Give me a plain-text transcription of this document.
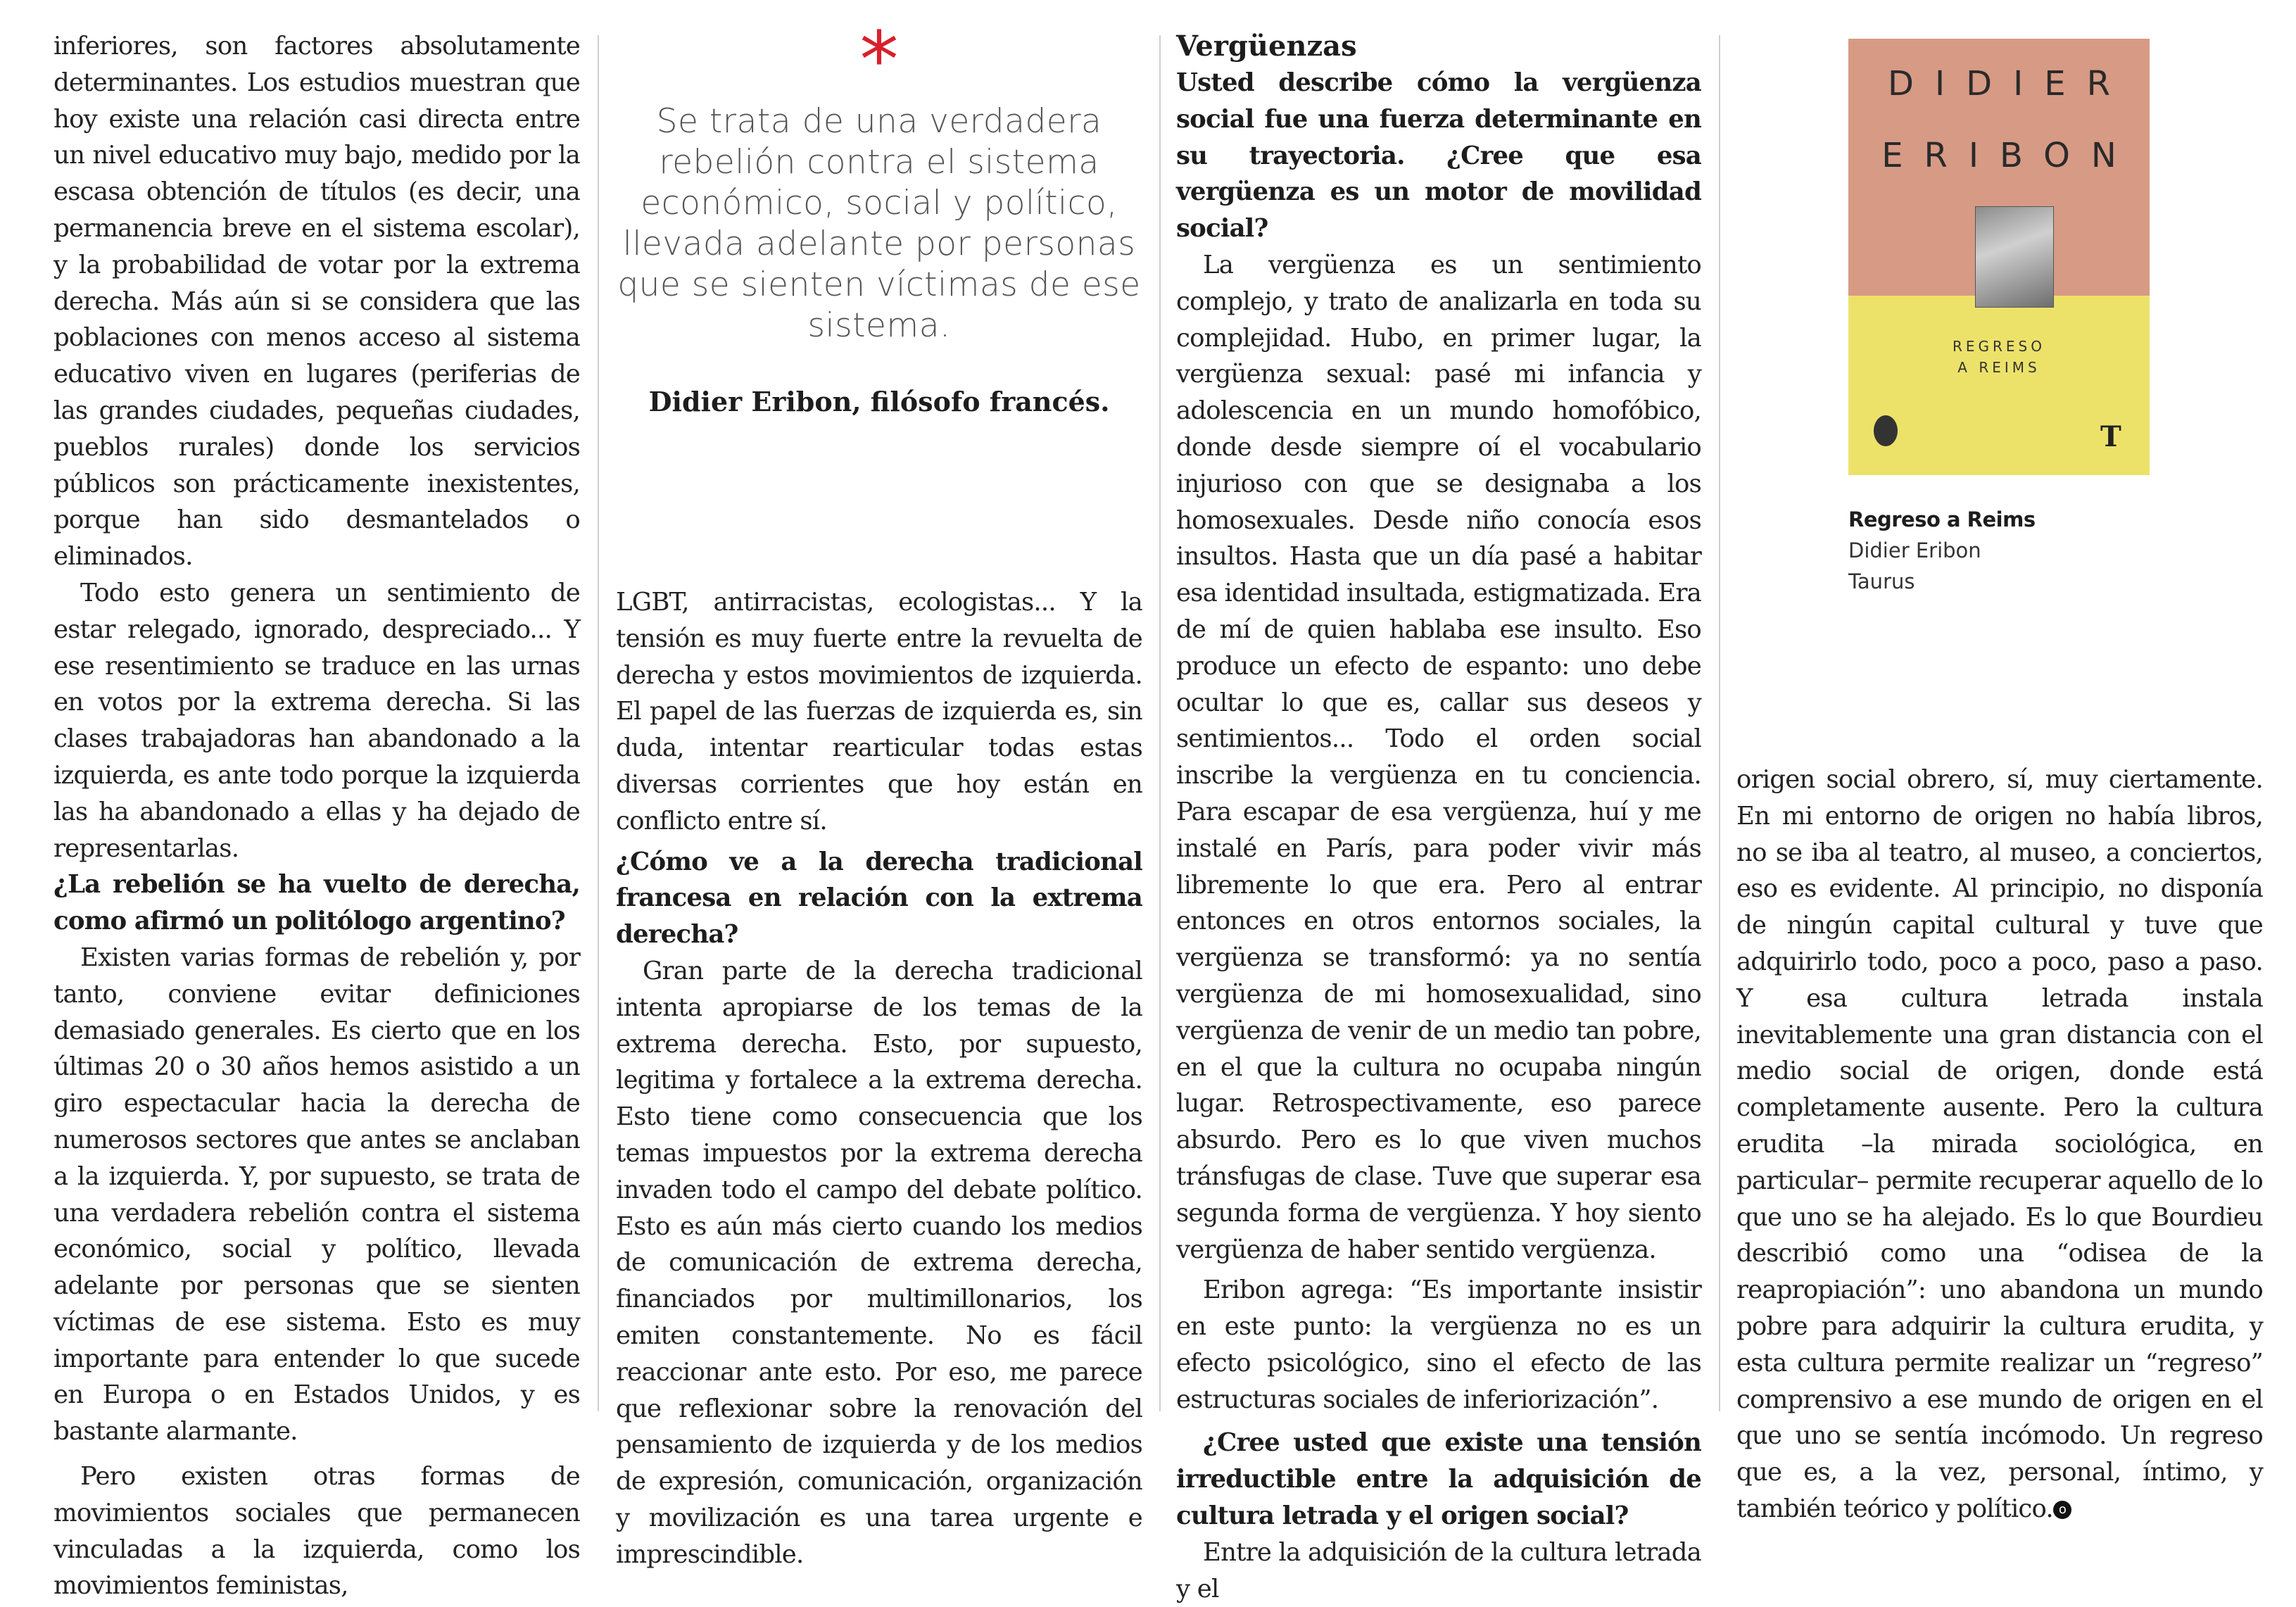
inferiores, son factores absolutamente determinantes. Los estudios muestran que hoy existe una relación casi directa entre un nivel educativo muy bajo, medido por la escasa obtención de títulos (es decir, una permanencia breve en el sistema escolar), y la probabilidad de votar por la extrema derecha. Más aún si se considera que las poblaciones con menos acceso al sistema educativo viven en lugares (periferias de las grandes ciudades, pequeñas ciudades, pueblos rurales) donde los servicios públicos son prácticamente inexistentes, porque han sido desmantelados o eliminados.

Todo esto genera un sentimiento de estar relegado, ignorado, despreciado... Y ese resentimiento se traduce en las urnas en votos por la extrema derecha. Si las clases trabajadoras han abandonado a la izquierda, es ante todo porque la izquierda las ha abandonado a ellas y ha dejado de representarlas.

¿La rebelión se ha vuelto de derecha, como afirmó un politólogo argentino?

Existen varias formas de rebelión y, por tanto, conviene evitar definiciones demasiado generales. Es cierto que en los últimas 20 o 30 años hemos asistido a un giro espectacular hacia la derecha de numerosos sectores que antes se anclaban a la izquierda. Y, por supuesto, se trata de una verdadera rebelión contra el sistema económico, social y político, llevada adelante por personas que se sienten víctimas de ese sistema. Esto es muy importante para entender lo que sucede en Europa o en Estados Unidos, y es bastante alarmante.

Pero existen otras formas de movimientos sociales que permanecen vinculadas a la izquierda, como los movimientos feministas,

*

Se trata de una verdadera rebelión contra el sistema económico, social y político, llevada adelante por personas que se sienten víctimas de ese sistema.

Didier Eribon, filósofo francés.

LGBT, antirracistas, ecologistas... Y la tensión es muy fuerte entre la revuelta de derecha y estos movimientos de izquierda. El papel de las fuerzas de izquierda es, sin duda, intentar rearticular todas estas diversas corrientes que hoy están en conflicto entre sí.

¿Cómo ve a la derecha tradicional francesa en relación con la extrema derecha?

Gran parte de la derecha tradicional intenta apropiarse de los temas de la extrema derecha. Esto, por supuesto, legitima y fortalece a la extrema derecha. Esto tiene como consecuencia que los temas impuestos por la extrema derecha invaden todo el campo del debate político. Esto es aún más cierto cuando los medios de comunicación de extrema derecha, financiados por multimillonarios, los emiten constantemente. No es fácil reaccionar ante esto. Por eso, me parece que reflexionar sobre la renovación del pensamiento de izquierda y de los medios de expresión, comunicación, organización y movilización es una tarea urgente e imprescindible.

Vergüenzas

Usted describe cómo la vergüenza social fue una fuerza determinante en su trayectoria. ¿Cree que esa vergüenza es un motor de movilidad social?

La vergüenza es un sentimiento complejo, y trato de analizarla en toda su complejidad. Hubo, en primer lugar, la vergüenza sexual: pasé mi infancia y adolescencia en un mundo homofóbico, donde desde siempre oí el vocabulario injurioso con que se designaba a los homosexuales. Desde niño conocía esos insultos. Hasta que un día pasé a habitar esa identidad insultada, estigmatizada. Era de mí de quien hablaba ese insulto. Eso produce un efecto de espanto: uno debe ocultar lo que es, callar sus deseos y sentimientos... Todo el orden social inscribe la vergüenza en tu conciencia. Para escapar de esa vergüenza, huí y me instalé en París, para poder vivir más libremente lo que era. Pero al entrar entonces en otros entornos sociales, la vergüenza se transformó: ya no sentía vergüenza de mi homosexualidad, sino vergüenza de venir de un medio tan pobre, en el que la cultura no ocupaba ningún lugar. Retrospectivamente, eso parece absurdo. Pero es lo que viven muchos tránsfugas de clase. Tuve que superar esa segunda forma de vergüenza. Y hoy siento vergüenza de haber sentido vergüenza.

Eribon agrega: “Es importante insistir en este punto: la vergüenza no es un efecto psicológico, sino el efecto de las estructuras sociales de inferiorización”.

¿Cree usted que existe una tensión irreductible entre la adquisición de cultura letrada y el origen social?

Entre la adquisición de la cultura letrada y el

DIDIER
ERIBON
REGRESO
A REIMS
T
Regreso a Reims
Didier Eribon
Taurus

origen social obrero, sí, muy ciertamente. En mi entorno de origen no había libros, no se iba al teatro, al museo, a conciertos, eso es evidente. Al principio, no disponía de ningún capital cultural y tuve que adquirirlo todo, poco a poco, paso a paso. Y esa cultura letrada instala inevitablemente una gran distancia con el medio social de origen, donde está completamente ausente. Pero la cultura erudita –la mirada sociológica, en particular– permite recuperar aquello de lo que uno se ha alejado. Es lo que Bourdieu describió como una “odisea de la reapropiación”: uno abandona un mundo pobre para adquirir la cultura erudita, y esta cultura permite realizar un “regreso” comprensivo a ese mundo de origen en el que uno se sentía incómodo. Un regreso que es, a la vez, personal, íntimo, y también teórico y político. o
